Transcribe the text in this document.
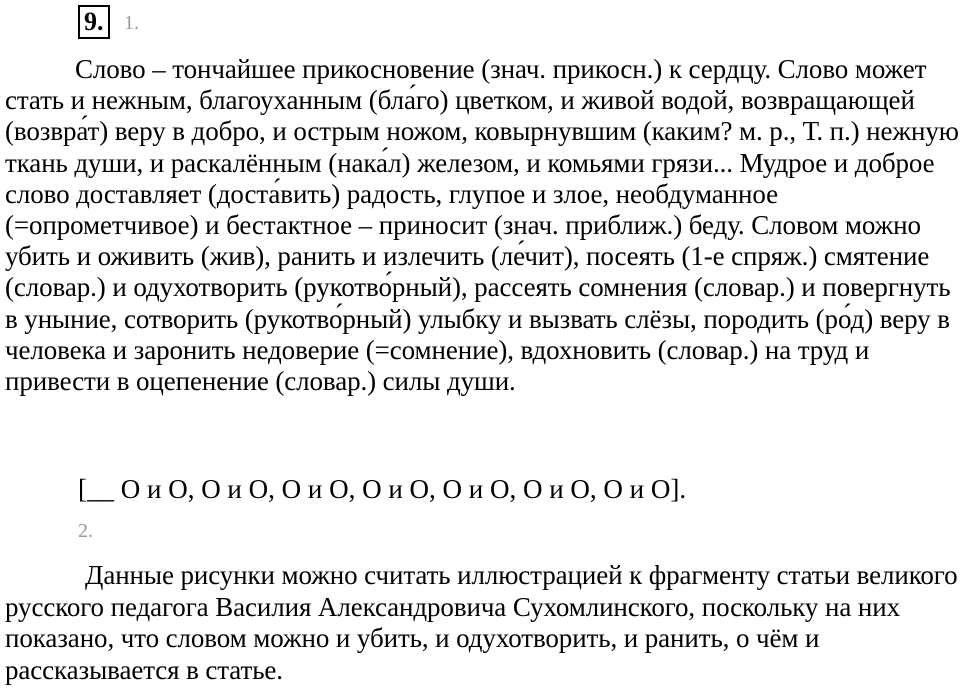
9.	1.
Слово – тончайшее прикосновение (знач. прикосн.) к сердцу. Слово может стать и нежным, благоуханным (бла́го) цветком, и живой водой, возвращающей (возвра́т) веру в добро, и острым ножом, ковырнувшим (каким? м. р., Т. п.) нежную ткань души, и раскалённым (нака́л) железом, и комьями грязи... Мудрое и доброе слово доставляет (доста́вить) радость, глупое и злое, необдуманное (=опрометчивое) и бестактное – приносит (знач. приближ.) беду. Словом можно убить и оживить (жив), ранить и излечить (ле́чит), посеять (1-е спряж.) смятение (словар.) и одухотворить (рукотво́рный), рассеять сомнения (словар.) и повергнуть в уныние, сотворить (рукотво́рный) улыбку и вызвать слёзы, породить (ро́д) веру в человека и заронить недоверие (=сомнение), вдохновить (словар.) на труд и привести в оцепенение (словар.) силы души.
[__ О и О, О и О, О и О, О и О, О и О, О и О, О и О].
2.
Данные рисунки можно считать иллюстрацией к фрагменту статьи великого русского педагога Василия Александровича Сухомлинского, поскольку на них показано, что словом можно и убить, и одухотворить, и ранить, о чём и рассказывается в статье.
